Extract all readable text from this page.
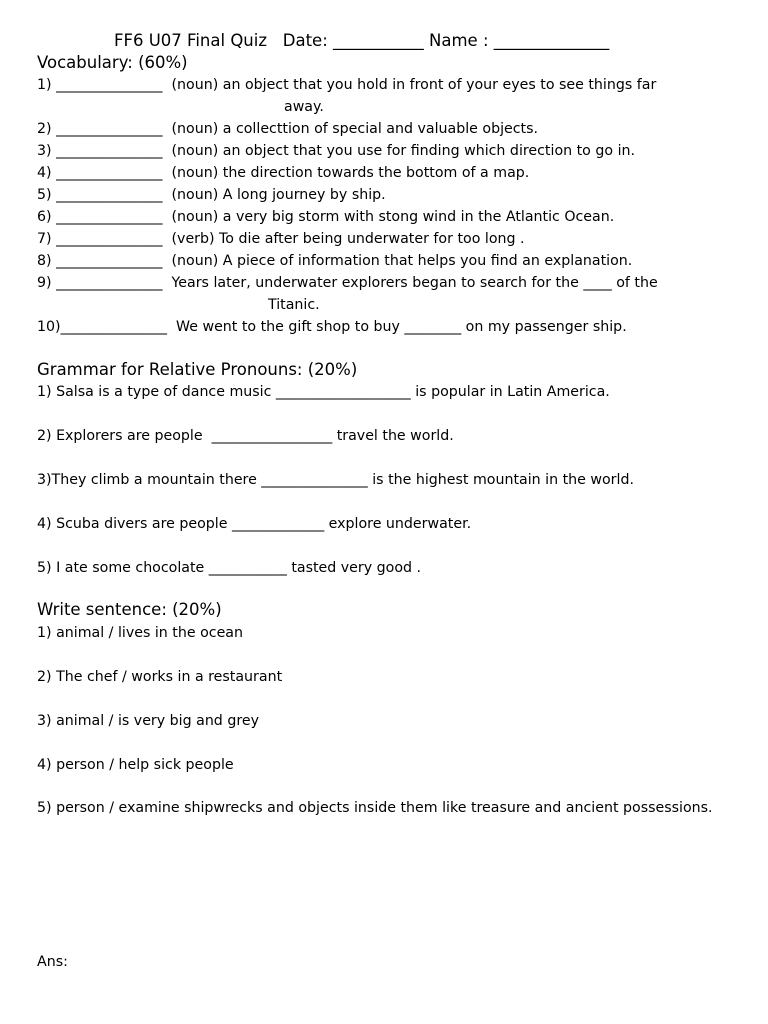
FF6 U07 Final Quiz Date: ___________ Name : ______________
Vocabulary: (60%)
1) _______________ (noun) an object that you hold in front of your eyes to see things far
away.
2) _______________ (noun) a collecttion of special and valuable objects.
3) _______________ (noun) an object that you use for finding which direction to go in.
4) _______________ (noun) the direction towards the bottom of a map.
5) _______________ (noun) A long journey by ship.
6) _______________ (noun) a very big storm with stong wind in the Atlantic Ocean.
7) _______________ (verb) To die after being underwater for too long .
8) _______________ (noun) A piece of information that helps you find an explanation.
9) _______________ Years later, underwater explorers began to search for the ____ of the
Titanic.
10)_______________ We went to the gift shop to buy ________ on my passenger ship.
Grammar for Relative Pronouns: (20%)
1) Salsa is a type of dance music ___________________ is popular in Latin America.
2) Explorers are people  _________________ travel the world.
3)They climb a mountain there _______________ is the highest mountain in the world.
4) Scuba divers are people _____________ explore underwater.
5) I ate some chocolate ___________ tasted very good .
Write sentence: (20%)
1) animal / lives in the ocean
2) The chef / works in a restaurant
3) animal / is very big and grey
4) person / help sick people
5) person / examine shipwrecks and objects inside them like treasure and ancient possessions.
Ans:
